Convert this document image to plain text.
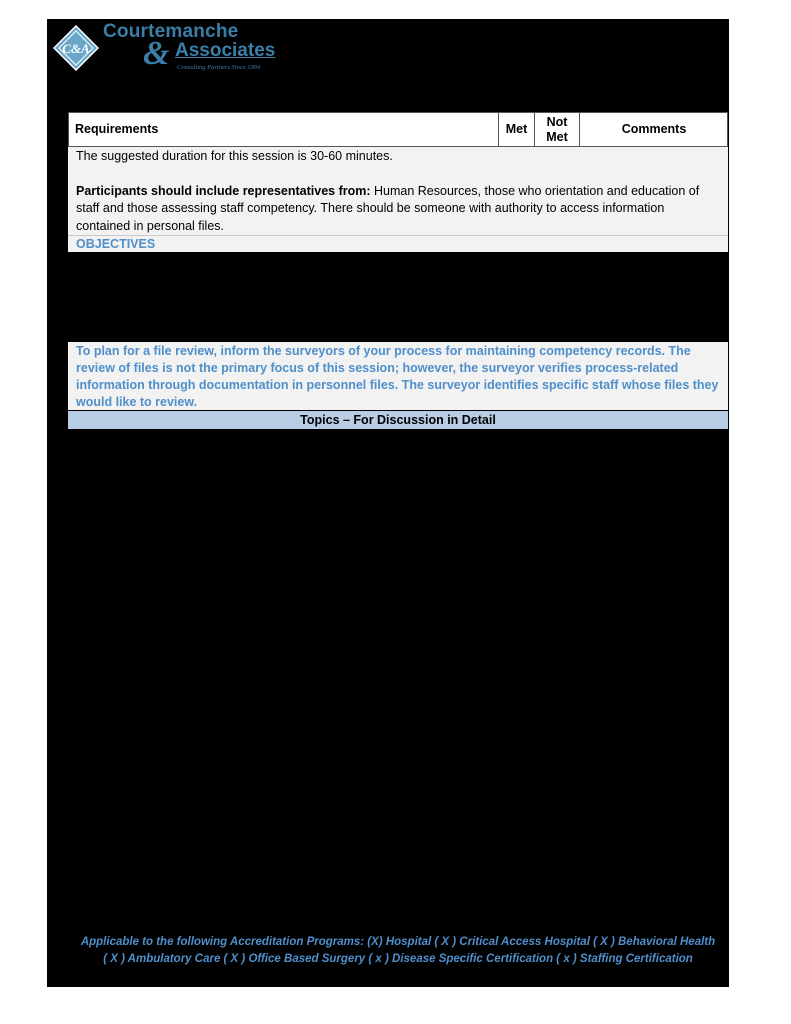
C&A
Courtemanche
& Associates
Consulting Partners Since 1994
Requirements	Met	Not
Met
Comments

The suggested duration for this session is 30-60 minutes.

Participants should include representatives from: Human Resources, those who orientation and education of staff and those assessing staff competency. There should be someone with authority to access information contained in personal files.

OBJECTIVES
To plan for a file review, inform the surveyors of your process for maintaining competency records. The review of files is not the primary focus of this session; however, the surveyor verifies process-related information through documentation in personnel files. The surveyor identifies specific staff whose files they would like to review.
Topics – For Discussion in Detail
Applicable to the following Accreditation Programs: (X) Hospital ( X ) Critical Access Hospital ( X ) Behavioral Health
( X ) Ambulatory Care ( X ) Office Based Surgery ( x ) Disease Specific Certification ( x ) Staffing Certification
